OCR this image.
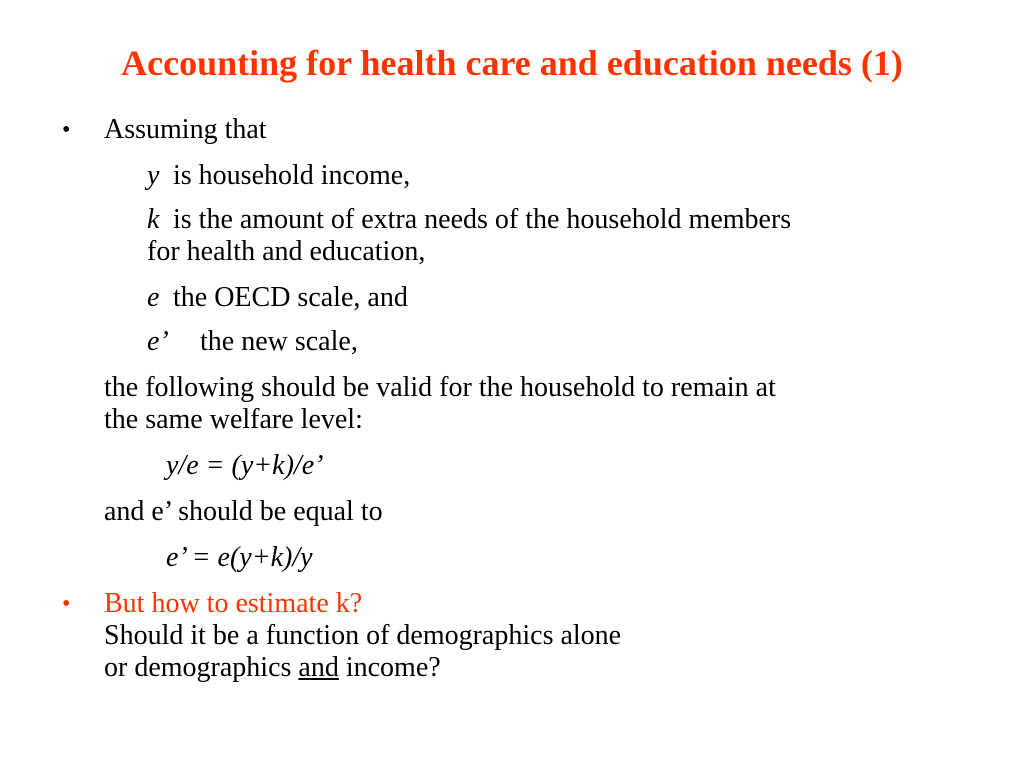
Accounting for health care and education needs (1)
• Assuming that
y is household income,
k is the amount of extra needs of the household members
for health and education,
e the OECD scale, and
e’ the new scale,
the following should be valid for the household to remain at
the same welfare level:
y/e = (y+k)/e’
and e’ should be equal to
e’ = e(y+k)/y
• But how to estimate k?
Should it be a function of demographics alone
or demographics and income?
